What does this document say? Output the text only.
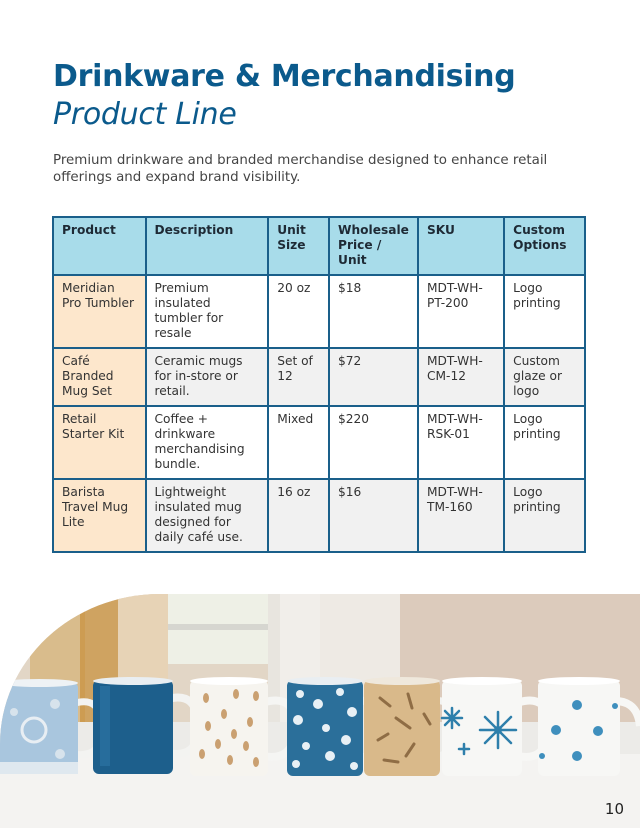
Drinkware & Merchandising
Product Line

Premium drinkware and branded merchandise designed to enhance retail offerings and expand brand visibility.

Product	Description	Unit Size	Wholesale Price / Unit	SKU	Custom Options
Meridian Pro Tumbler	Premium insulated tumbler for resale	20 oz	$18	MDT-WH-PT-200	Logo printing
Café Branded Mug Set	Ceramic mugs for in-store or retail.	Set of 12	$72	MDT-WH-CM-12	Custom glaze or logo
Retail Starter Kit	Coffee + drinkware merchandising bundle.	Mixed	$220	MDT-WH-RSK-01	Logo printing
Barista Travel Mug Lite	Lightweight insulated mug designed for daily café use.	16 oz	$16	MDT-WH-TM-160	Logo printing
10
